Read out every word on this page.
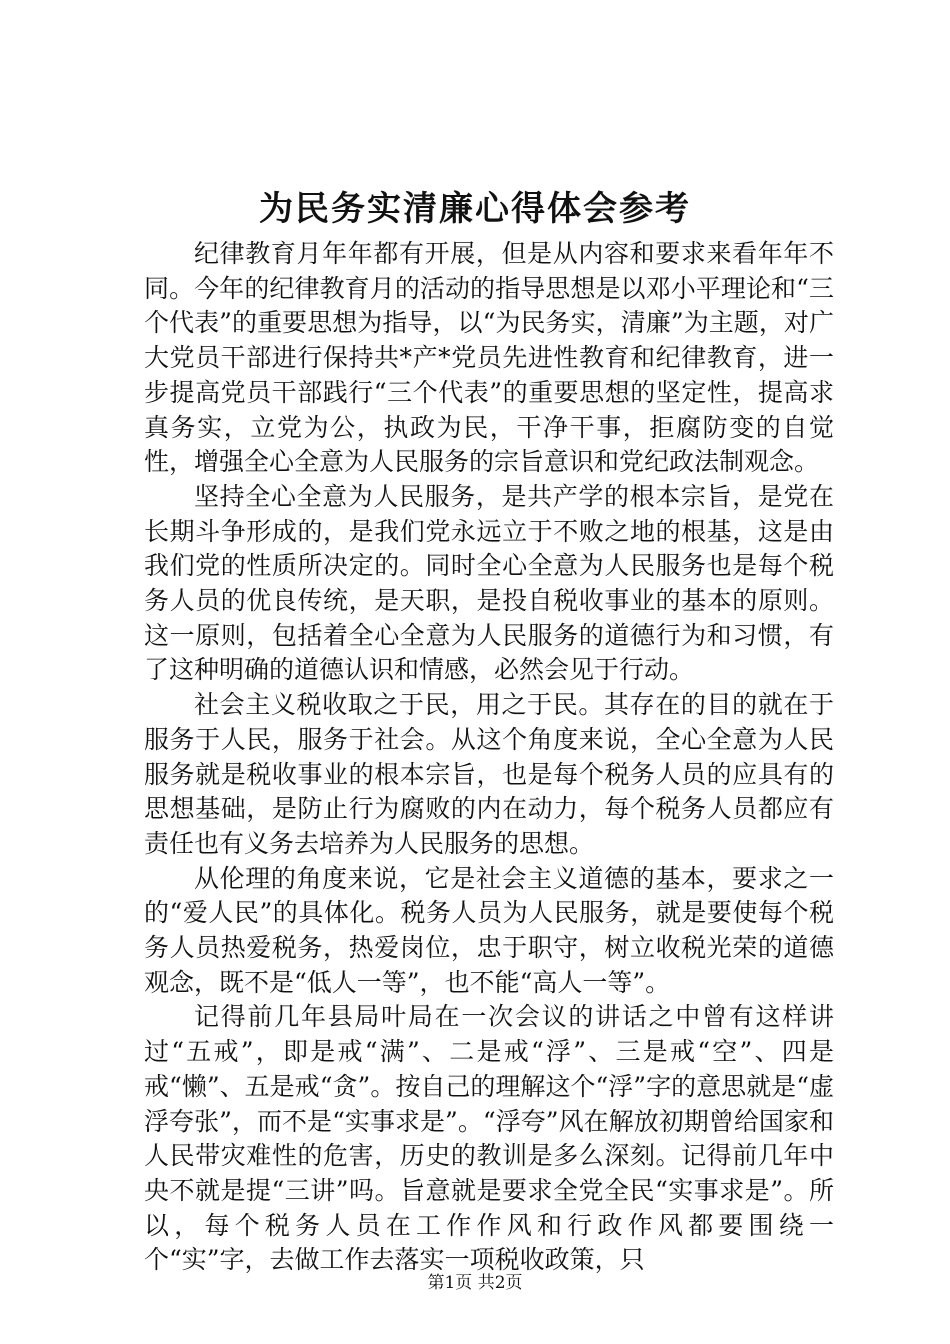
为民务实清廉心得体会参考

纪律教育月年年都有开展，但是从内容和要求来看年年不同。今年的纪律教育月的活动的指导思想是以邓小平理论和“三个代表”的重要思想为指导，以“为民务实，清廉”为主题，对广大党员干部进行保持共*产*党员先进性教育和纪律教育，进一步提高党员干部践行“三个代表”的重要思想的坚定性，提高求真务实，立党为公，执政为民，干净干事，拒腐防变的自觉性，增强全心全意为人民服务的宗旨意识和党纪政法制观念。

坚持全心全意为人民服务，是共产学的根本宗旨，是党在长期斗争形成的，是我们党永远立于不败之地的根基，这是由我们党的性质所决定的。同时全心全意为人民服务也是每个税务人员的优良传统，是天职，是投自税收事业的基本的原则。这一原则，包括着全心全意为人民服务的道德行为和习惯，有了这种明确的道德认识和情感，必然会见于行动。

社会主义税收取之于民，用之于民。其存在的目的就在于服务于人民，服务于社会。从这个角度来说，全心全意为人民服务就是税收事业的根本宗旨，也是每个税务人员的应具有的思想基础，是防止行为腐败的内在动力，每个税务人员都应有责任也有义务去培养为人民服务的思想。

从伦理的角度来说，它是社会主义道德的基本，要求之一的“爱人民”的具体化。税务人员为人民服务，就是要使每个税务人员热爱税务，热爱岗位，忠于职守，树立收税光荣的道德观念，既不是“低人一等”，也不能“高人一等”。

记得前几年县局叶局在一次会议的讲话之中曾有这样讲过“五戒”，即是戒“满”、二是戒“浮”、三是戒“空”、四是戒“懒”、五是戒“贪”。按自己的理解这个“浮”字的意思就是“虚浮夸张”，而不是“实事求是”。“浮夸”风在解放初期曾给国家和人民带灾难性的危害，历史的教训是多么深刻。记得前几年中央不就是提“三讲”吗。旨意就是要求全党全民“实事求是”。所以，每个税务人员在工作作风和行政作风都要围绕一个“实”字，去做工作去落实一项税收政策，只

第1页 共2页
